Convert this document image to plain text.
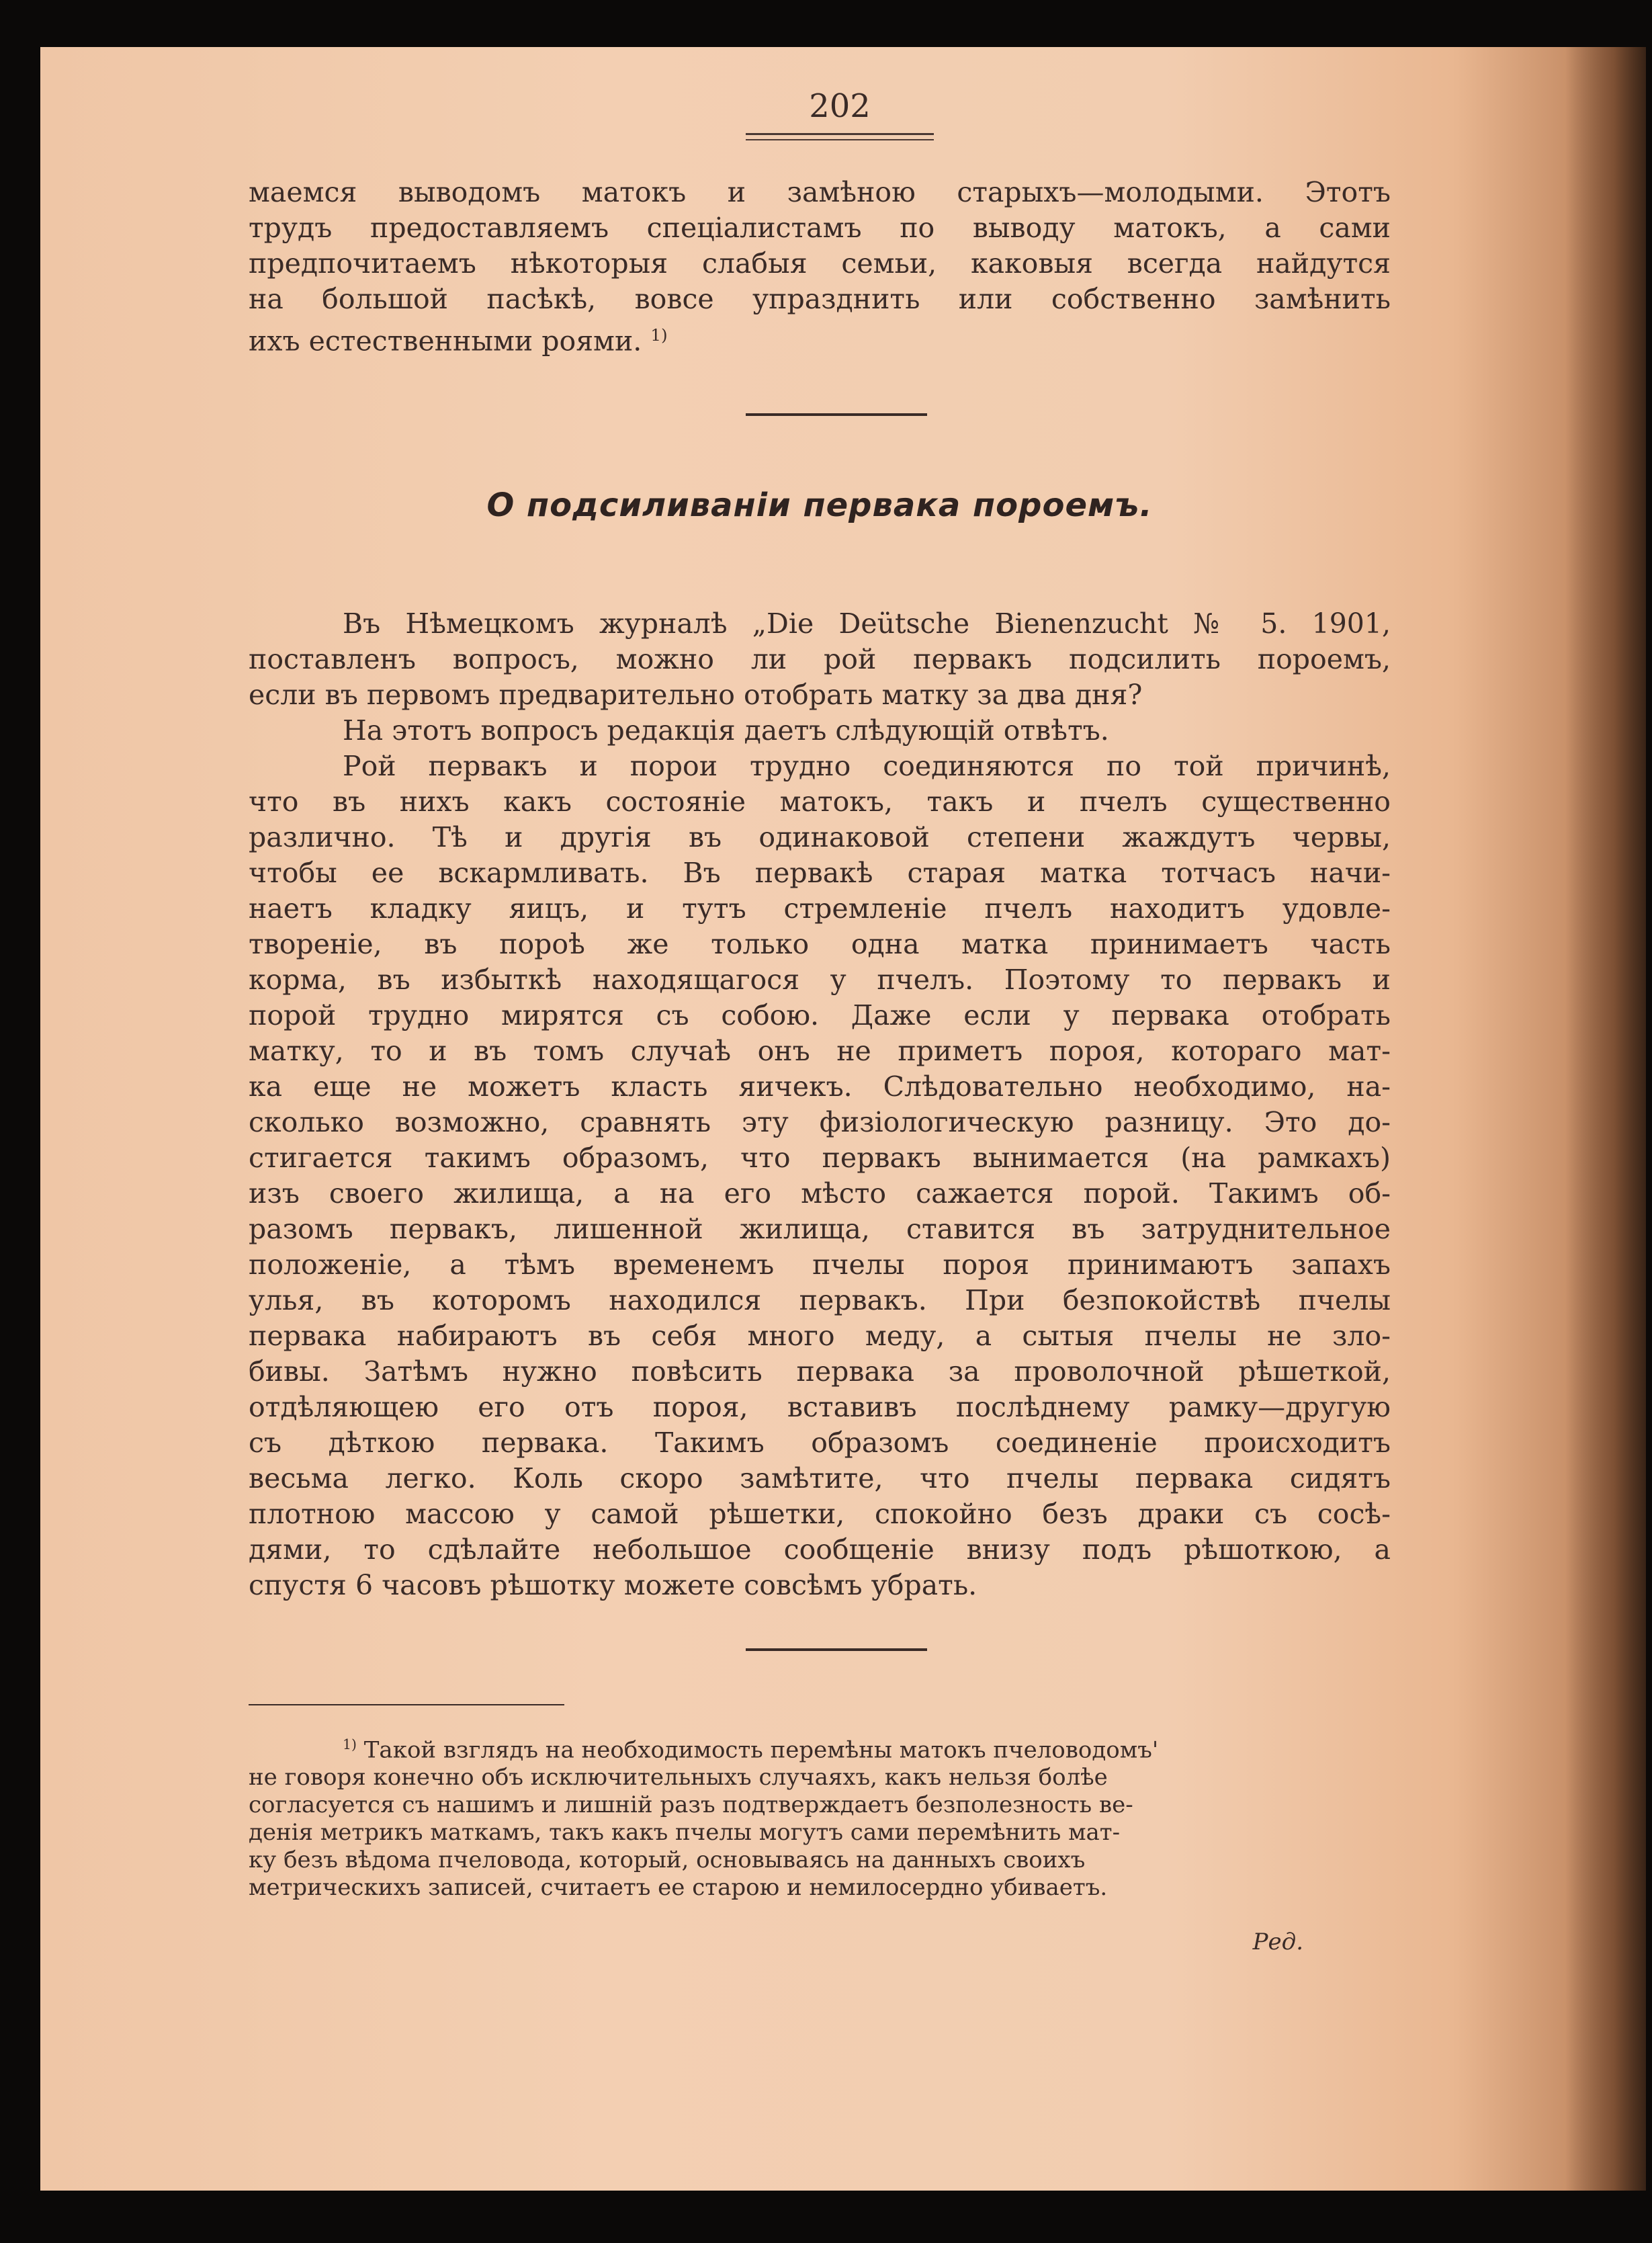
202

маемся выводомъ матокъ и замѣною старыхъ—молодыми. Этотъ

трудъ предоставляемъ спеціалистамъ по выводу матокъ, а сами

предпочитаемъ нѣкоторыя слабыя семьи, каковыя всегда найдутся

на большой пасѣкѣ, вовсе упразднить или собственно замѣнить

ихъ естественными роями. $^{1)}$

О подсиливаніи первака пороемъ.

Въ Нѣмецкомъ журналѣ „Die Deütsche Bienenzucht № 5. 1901,

поставленъ вопросъ, можно ли рой первакъ подсилить пороемъ,

если въ первомъ предварительно отобрать матку за два дня?

На этотъ вопросъ редакція даетъ слѣдующій отвѣтъ.

Рой первакъ и порои трудно соединяются по той причинѣ,

что въ нихъ какъ состояніе матокъ, такъ и пчелъ существенно

различно. Тѣ и другія въ одинаковой степени жаждутъ червы,

чтобы ее вскармливать. Въ первакѣ старая матка тотчасъ начи-

наетъ кладку яицъ, и тутъ стремленіе пчелъ находитъ удовле-

твореніе, въ пороѣ же только одна матка принимаетъ часть

корма, въ избыткѣ находящагося у пчелъ. Поэтому то первакъ и

порой трудно мирятся съ собою. Даже если у первака отобрать

матку, то и въ томъ случаѣ онъ не приметъ пороя, котораго мат-

ка еще не можетъ класть яичекъ. Слѣдовательно необходимо, на-

сколько возможно, сравнять эту физіологическую разницу. Это до-

стигается такимъ образомъ, что первакъ вынимается (на рамкахъ)

изъ своего жилища, а на его мѣсто сажается порой. Такимъ об-

разомъ первакъ, лишенной жилища, ставится въ затруднительное

положеніе, а тѣмъ временемъ пчелы пороя принимаютъ запахъ

улья, въ которомъ находился первакъ. При безпокойствѣ пчелы

первака набираютъ въ себя много меду, а сытыя пчелы не зло-

бивы. Затѣмъ нужно повѣсить первака за проволочной рѣшеткой,

отдѣляющею его отъ пороя, вставивъ послѣднему рамку—другую

съ дѣткою первака. Такимъ образомъ соединеніе происходитъ

весьма легко. Коль скоро замѣтите, что пчелы первака сидятъ

плотною массою у самой рѣшетки, спокойно безъ драки съ сосѣ-

дями, то сдѣлайте небольшое сообщеніе внизу подъ рѣшоткою, а

спустя 6 часовъ рѣшотку можете совсѣмъ убрать.

$^{1)}$ Такой взглядъ на необходимость перемѣны матокъ пчеловодомъ'

не говоря конечно объ исключительныхъ случаяхъ, какъ нельзя болѣе

согласуется съ нашимъ и лишній разъ подтверждаетъ безполезность ве-

денія метрикъ маткамъ, такъ какъ пчелы могутъ сами перемѣнить мат-

ку безъ вѣдома пчеловода, который, основываясь на данныхъ своихъ

метрическихъ записей, считаетъ ее старою и немилосердно убиваетъ.

Ред.
